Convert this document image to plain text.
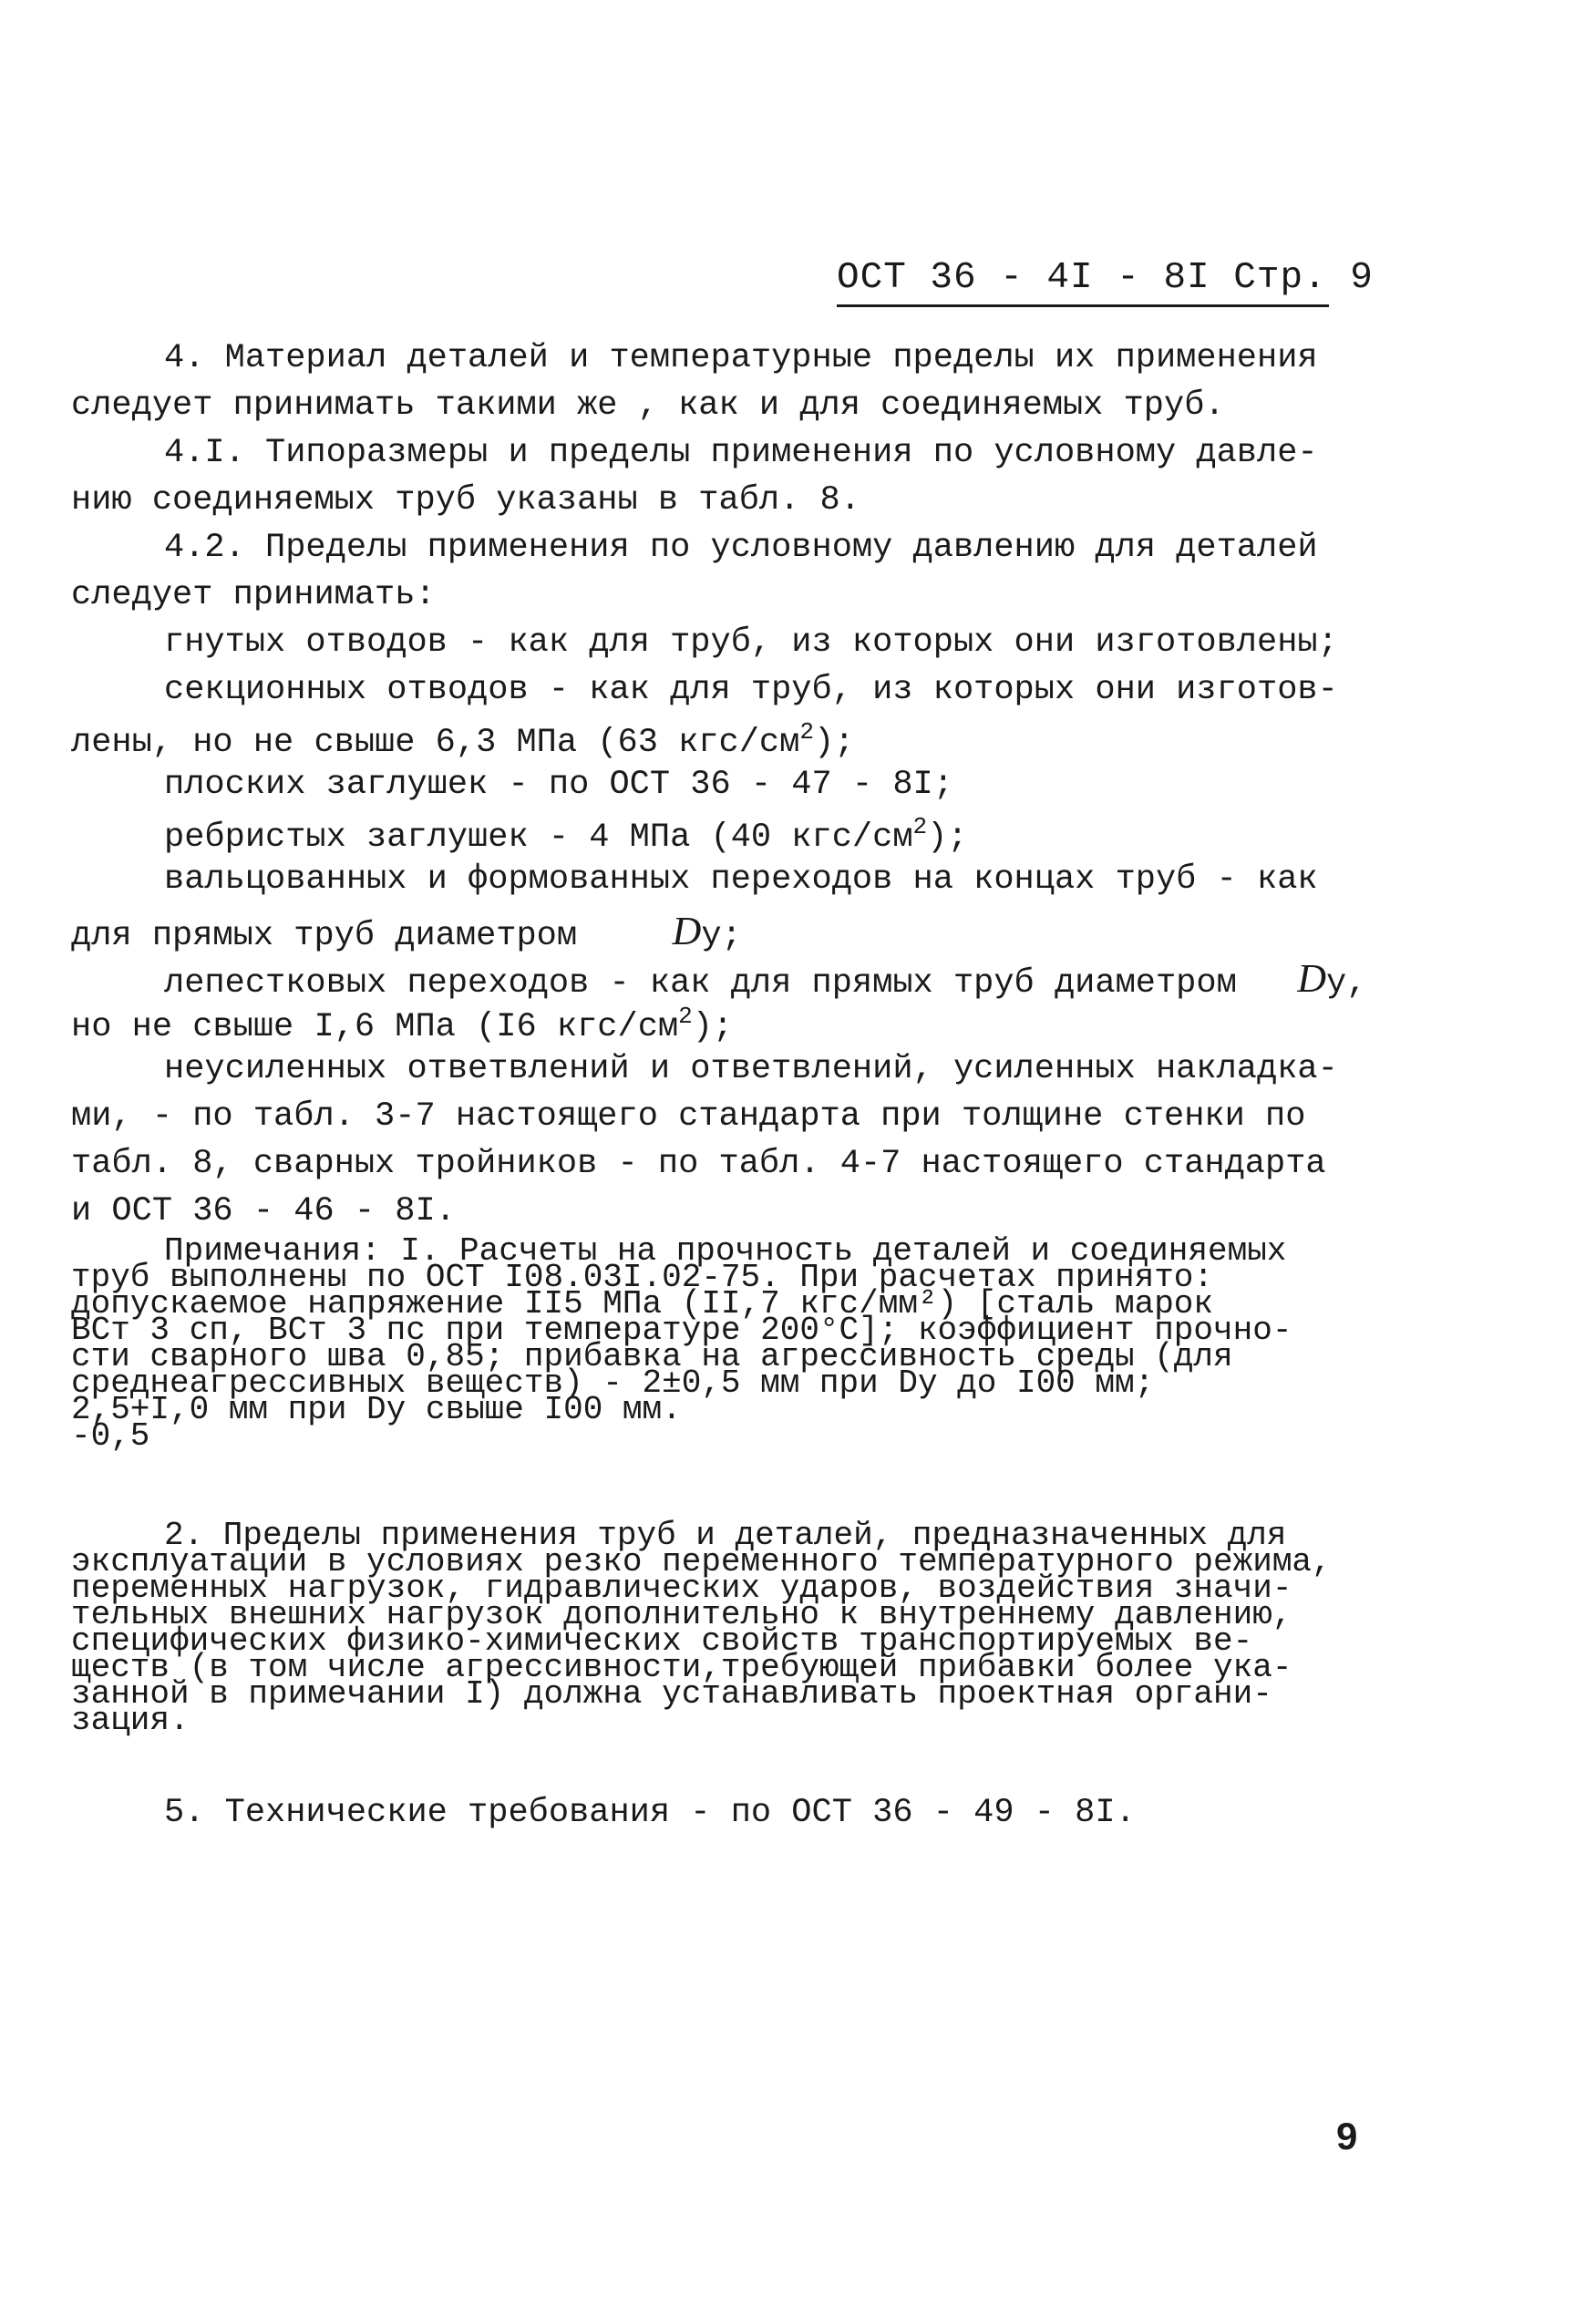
ОСТ 36 - 4I - 8I Стр. 9
4. Материал деталей и температурные пределы их применения
следует принимать такими же , как и для соединяемых труб.
4.I. Типоразмеры и пределы применения по условному давле-
нию соединяемых труб указаны в табл. 8.
4.2. Пределы применения по условному давлению для деталей
следует принимать:
гнутых отводов - как для труб, из которых они изготовлены;
секционных отводов - как для труб, из которых они изготов-
лены, но не свыше 6,3 МПа (63 кгс/$см^2$);
плоских заглушек - по ОСТ 36 - 47 - 8I;
ребристых заглушек - 4 МПа (40 кгс/$см^2$);
вальцованных и формованных переходов на концах труб - как
для прямых труб диаметром Dу;
лепестковых переходов - как для прямых труб диаметром Dу,
но не свыше I,6 МПа (I6 кгс/$см^2$);
неусиленных ответвлений и ответвлений, усиленных накладка-
ми, - по табл. 3-7 настоящего стандарта при толщине стенки по
табл. 8, сварных тройников - по табл. 4-7 настоящего стандарта
и ОСТ 36 - 46 - 8I.
Примечания: I. Расчеты на прочность деталей и соединяемых
труб выполнены по ОСТ I08.03I.02-75. При расчетах принято:
допускаемое напряжение II5 МПа (II,7 кгс/мм²) [сталь марок
ВСт 3 сп, ВСт 3 пс при температуре 200°С]; коэффициент прочно-
сти сварного шва 0,85; прибавка на агрессивность среды (для
среднеагрессивных веществ) - 2±0,5 мм при Dу до I00 мм;
2,5+I,0 мм при Dу свыше I00 мм.
-0,5
2. Пределы применения труб и деталей, предназначенных для
эксплуатации в условиях резко переменного температурного режима,
переменных нагрузок, гидравлических ударов, воздействия значи-
тельных внешних нагрузок дополнительно к внутреннему давлению,
специфических физико-химических свойств транспортируемых ве-
ществ (в том числе агрессивности,требующей прибавки более ука-
занной в примечании I) должна устанавливать проектная органи-
зация.
5. Технические требования - по ОСТ 36 - 49 - 8I.
9
